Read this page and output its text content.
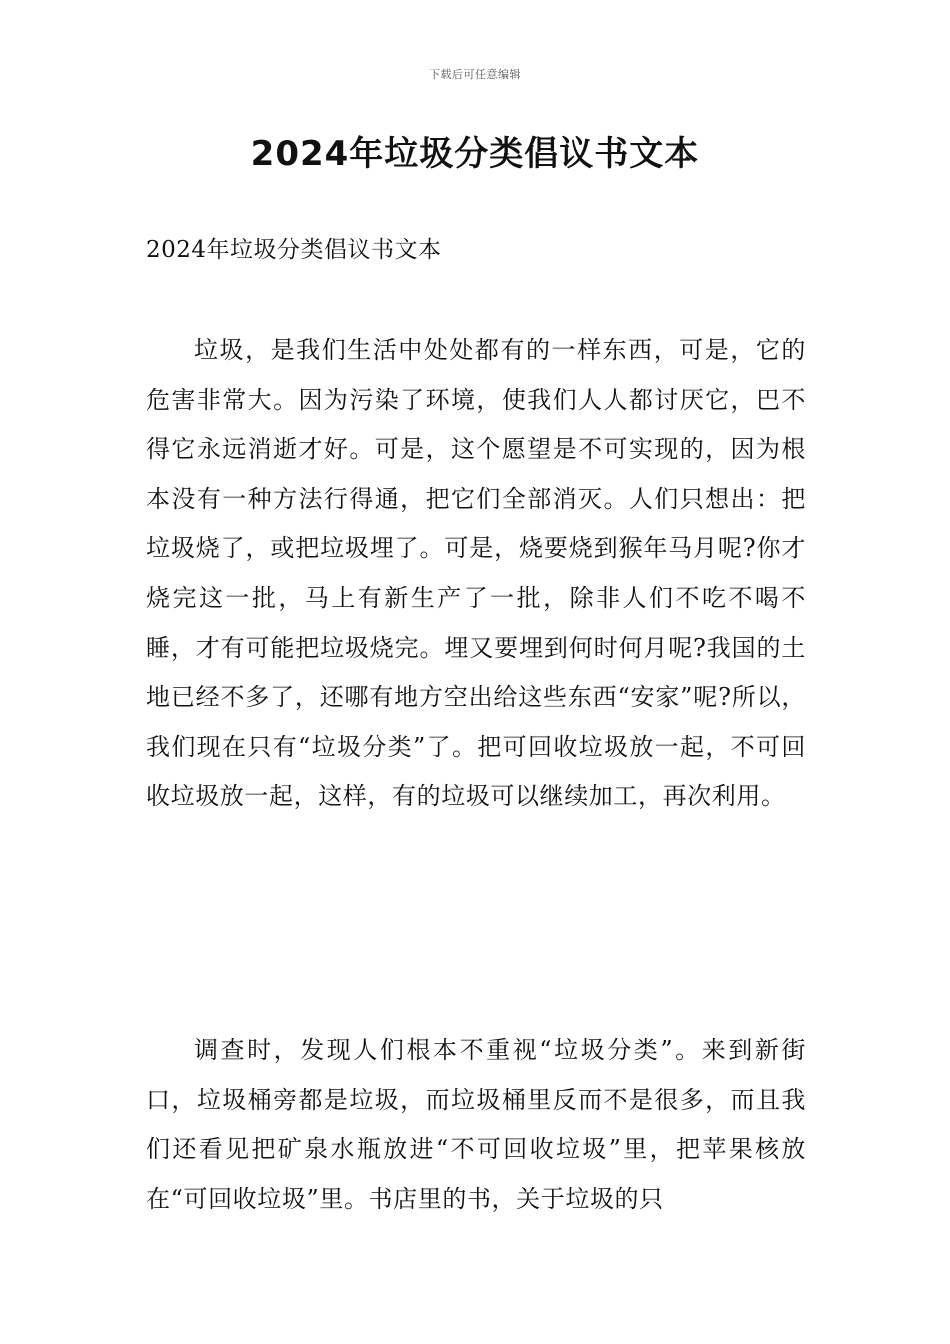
下载后可任意编辑
2024年垃圾分类倡议书文本
2024年垃圾分类倡议书文本

垃圾，是我们生活中处处都有的一样东西，可是，它的危害非常大。因为污染了环境，使我们人人都讨厌它，巴不得它永远消逝才好。可是，这个愿望是不可实现的，因为根本没有一种方法行得通，把它们全部消灭。人们只想出：把垃圾烧了，或把垃圾埋了。可是，烧要烧到猴年马月呢?你才烧完这一批，马上有新生产了一批，除非人们不吃不喝不睡，才有可能把垃圾烧完。埋又要埋到何时何月呢?我国的土地已经不多了，还哪有地方空出给这些东西“安家”呢?所以，我们现在只有“垃圾分类”了。把可回收垃圾放一起，不可回收垃圾放一起，这样，有的垃圾可以继续加工，再次利用。

调查时，发现人们根本不重视“垃圾分类”。来到新街口，垃圾桶旁都是垃圾，而垃圾桶里反而不是很多，而且我们还看见把矿泉水瓶放进“不可回收垃圾”里，把苹果核放在“可回收垃圾”里。书店里的书，关于垃圾的只
